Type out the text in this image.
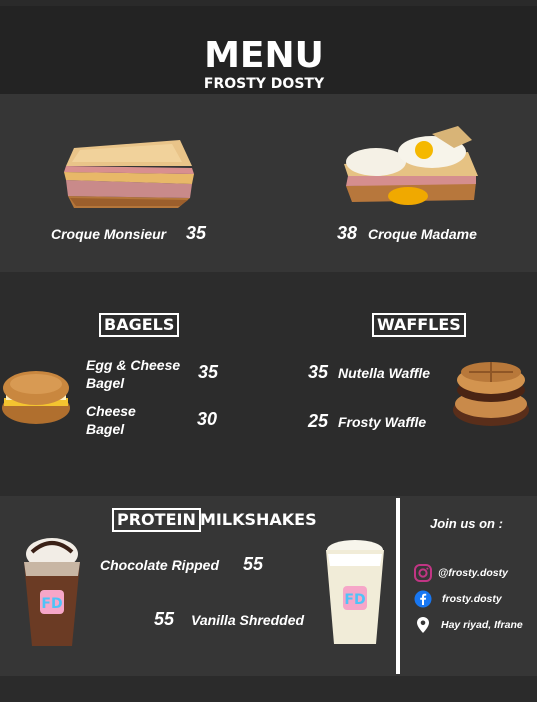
MENU
FROSTY DOSTY
Croque Monsieur 35	38 Croque Madame
BAGELS	WAFFLES
Egg & Cheese
Bagel
35
Cheese
Bagel	30
35 Nutella Waffle
25 Frosty Waffle
PROTEIN MILKSHAKES
FD	FD
Chocolate Ripped 55
55 Vanilla Shredded
Join us on :
@frosty.dosty
frosty.dosty
Hay riyad, Ifrane
